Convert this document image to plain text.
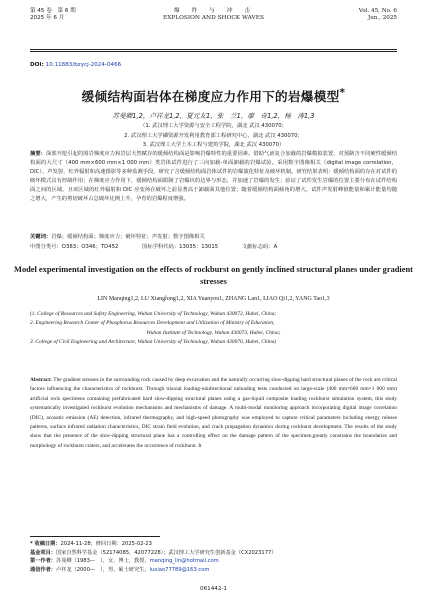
第 45 卷　第 6 期
2025 年 6 月
爆　炸　与　冲　击
EXPLOSION AND SHOCK WAVES
Vol. 45, No. 6
Jun., 2025
DOI: 10.11883/bzycj-2024-0466
缓倾结构面岩体在梯度应力作用下的岩爆模型*
苏曼卿1,2，卢祥龙1,2，夏元友1，张　兰1，廖　奇1,2，杨　涛1,3
（1. 武汉理工大学资源与安全工程学院，湖北 武汉 430070；
2. 武汉理工大学磷资源开发利用教育部工程研究中心，湖北 武汉 430070；
3. 武汉理工大学土木工程与建筑学院，湖北 武汉 430070）
摘要：深部开挖引起的围岩梯度应力和岩层天然赋存的缓倾结构面是影响岩爆特性的重要因素。借助气液复合加载的岩爆模拟装置，对预制含不同硬性缓倾结构面的大尺寸（400 mm×600 mm×1 000 mm）类岩体试件进行了三向加载-单面卸载的岩爆试验。采用数字图像相关（digital image correlation，DIC）、声发射、红外辐射和高速摄影等多种监测手段，研究了含缓倾结构面岩体试件的岩爆演化特征及破坏机制。研究结果表明：缓倾结构面的存在对试件的破坏模式具有控制作用；在梯度应力作用下，缓倾结构面限制了岩爆坑的边界与形态，并加速了岩爆的发生；验证了试件发生岩爆的位置主要分布在试件结构面之间的区域，且该区域的红外辐射和 DIC 应变场在破坏之前显著高于卸载面其他位置；随着缓倾结构面倾角的增大，试件声发射峰值能量和累计能量均随之增大，产生的剪切破坏占总破坏比例上升，孕育的岩爆程度增强。
关键词：岩爆；缓倾结构面；梯度应力；破坏特征；声发射；数字图像相关
中图分类号：O383；O346；TD452	国标学科代码：13035；13015	文献标志码：A
Model experimental investigation on the effects of rockburst on gently inclined structural planes under gradient stresses
LIN Manqing1,2, LU Xianglong1,2, XIA Yuanyou1, ZHANG Lan1, LIAO Qi1,2, YANG Tao1,3
(1. College of Resources and Safety Engineering, Wuhan University of Technology, Wuhan 430073, Hubei, China;
2. Engineering Research Center of Phosphorus Resources Development and Utilization of Ministry of Education,
Wuhan Institute of Technology, Wuhan 430073, Hubei, China;
3. College of Civil Engineering and Architecture, Wuhan University of Technology, Wuhan 430070, Hubei, China)
Abstract: The gradient stresses in the surrounding rock caused by deep excavation and the naturally occurring slow-dipping hard structural planes of the rock are critical factors influencing the characteristics of rockburst. Through triaxial loading-unidirectional unloading tests conducted on large-scale (400 mm×600 mm×1 000 mm) artificial rock specimens containing prefabricated hard slow-dipping structural planes using a gas-liquid composite loading rockburst simulation system, this study systematically investigated rockburst evolution mechanisms and mechanisms of damage. A multi-modal monitoring approach incorporating digital image correlation (DIC), acoustic emission (AE) detection, infrared thermography, and high-speed photography was employed to capture critical parameters including energy release patterns, surface infrared radiation characteristics, DIC strain field evolution, and crack propagation dynamics during rockburst development. The results of the study show that the presence of the slow-dipping structural plane has a controlling effect on the damage pattern of the specimen,greatly constrains the boundaries and morphology of rockburst craters, and accelerates the occurrence of rockburst. It
* 收稿日期：2024-11-28；修回日期：2025-02-23
基金项目：国家自然科学基金（52174085，42077228）；武汉理工大学研究生创新基金（CX2023177）
第一作者：苏曼卿（1983—　），女，博士，教授，manqing_lin@hotmail.com
通信作者：卢祥龙（2000—　），男，硕士研究生，luxiao77789@163.com
061442-1
